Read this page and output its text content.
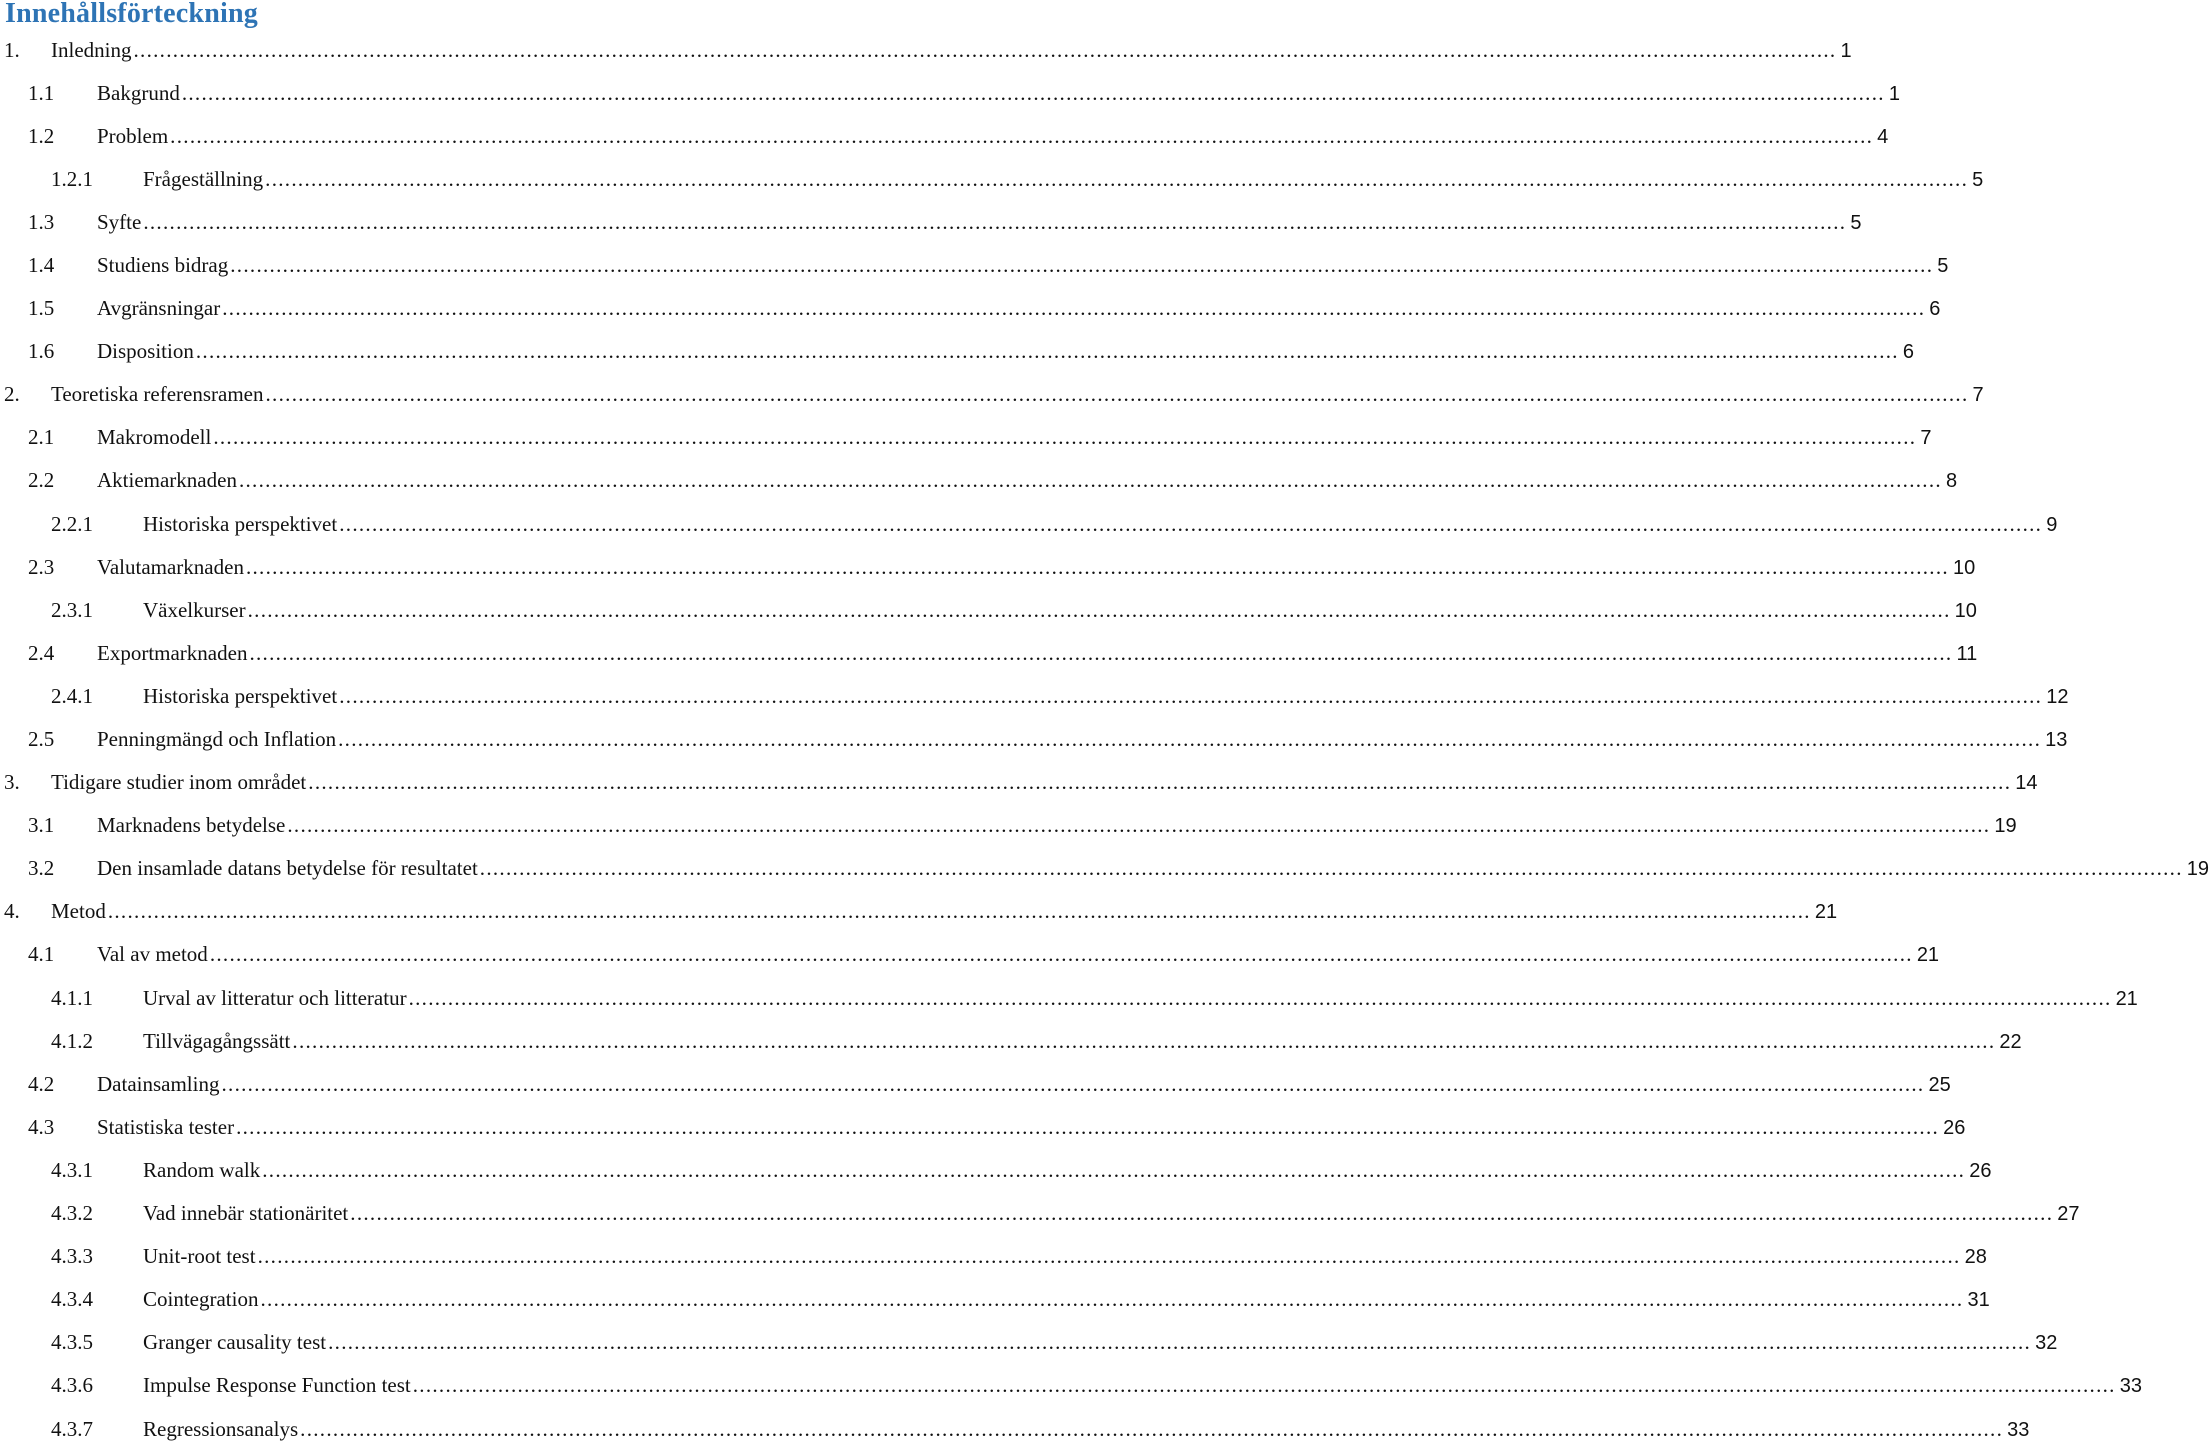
Innehållsförteckning
1. Inledning .................................................................................................................................................................................................................................................................... 1
1.1 Bakgrund .................................................................................................................................................................................................................................................................... 1
1.2 Problem .................................................................................................................................................................................................................................................................... 4
1.2.1 Frågeställning .................................................................................................................................................................................................................................................................... 5
1.3 Syfte .................................................................................................................................................................................................................................................................... 5
1.4 Studiens bidrag .................................................................................................................................................................................................................................................................... 5
1.5 Avgränsningar .................................................................................................................................................................................................................................................................... 6
1.6 Disposition .................................................................................................................................................................................................................................................................... 6
2. Teoretiska referensramen .................................................................................................................................................................................................................................................................... 7
2.1 Makromodell .................................................................................................................................................................................................................................................................... 7
2.2 Aktiemarknaden .................................................................................................................................................................................................................................................................... 8
2.2.1 Historiska perspektivet .................................................................................................................................................................................................................................................................... 9
2.3 Valutamarknaden .................................................................................................................................................................................................................................................................... 10
2.3.1 Växelkurser .................................................................................................................................................................................................................................................................... 10
2.4 Exportmarknaden .................................................................................................................................................................................................................................................................... 11
2.4.1 Historiska perspektivet .................................................................................................................................................................................................................................................................... 12
2.5 Penningmängd och Inflation .................................................................................................................................................................................................................................................................... 13
3. Tidigare studier inom området .................................................................................................................................................................................................................................................................... 14
3.1 Marknadens betydelse .................................................................................................................................................................................................................................................................... 19
3.2 Den insamlade datans betydelse för resultatet .................................................................................................................................................................................................................................................................... 19
4. Metod .................................................................................................................................................................................................................................................................... 21
4.1 Val av metod .................................................................................................................................................................................................................................................................... 21
4.1.1 Urval av litteratur och litteratur .................................................................................................................................................................................................................................................................... 21
4.1.2 Tillvägagångssätt .................................................................................................................................................................................................................................................................... 22
4.2 Datainsamling .................................................................................................................................................................................................................................................................... 25
4.3 Statistiska tester .................................................................................................................................................................................................................................................................... 26
4.3.1 Random walk .................................................................................................................................................................................................................................................................... 26
4.3.2 Vad innebär stationäritet .................................................................................................................................................................................................................................................................... 27
4.3.3 Unit-root test .................................................................................................................................................................................................................................................................... 28
4.3.4 Cointegration .................................................................................................................................................................................................................................................................... 31
4.3.5 Granger causality test .................................................................................................................................................................................................................................................................... 32
4.3.6 Impulse Response Function test .................................................................................................................................................................................................................................................................... 33
4.3.7 Regressionsanalys .................................................................................................................................................................................................................................................................... 33
